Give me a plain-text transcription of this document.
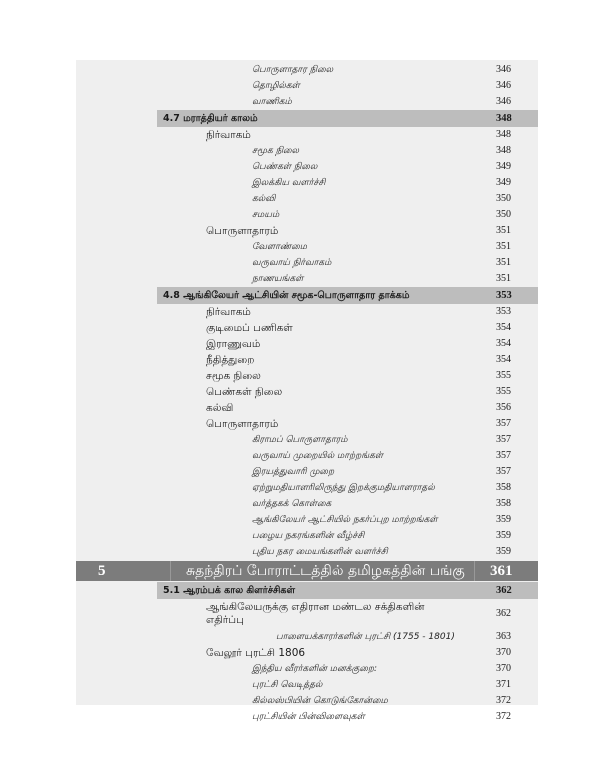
பொருளாதார நிலை	346
தொழில்கள்	346
வாணிகம்	346
4.7 மராத்தியர் காலம்	348
நிர்வாகம்	348
சமூக நிலை	348
பெண்கள் நிலை	349
இலக்கிய வளர்ச்சி	349
கல்வி	350
சமயம்	350
பொருளாதாரம்	351
வேளாண்மை	351
வருவாய் நிர்வாகம்	351
நாணயங்கள்	351
4.8 ஆங்கிலேயர் ஆட்சியின் சமூக-பொருளாதார தாக்கம்	353
நிர்வாகம்	353
குடிமைப் பணிகள்	354
இராணுவம்	354
நீதித்துறை	354
சமூக நிலை	355
பெண்கள் நிலை	355
கல்வி	356
பொருளாதாரம்	357
கிராமப் பொருளாதாரம்	357
வருவாய் முறையில் மாற்றங்கள்	357
இரயத்துவாரி முறை	357
ஏற்றுமதியாளரிலிருந்து இறக்குமதியாளராதல்	358
வர்த்தகக் கொள்கை	358
ஆங்கிலேயர் ஆட்சியில் நகர்ப்புற மாற்றங்கள்	359
பழைய நகரங்களின் வீழ்ச்சி	359
புதிய நகர மையங்களின் வளர்ச்சி	359
5	சுதந்திரப் போராட்டத்தில் தமிழகத்தின் பங்கு 361
5.1 ஆரம்பக் கால கிளர்ச்சிகள்	362
ஆங்கிலேயருக்கு எதிரான மண்டல சக்திகளின் எதிர்ப்பு
362
பாளையக்காரர்களின் புரட்சி (1755 - 1801)	363
வேலூர் புரட்சி 1806	370
இந்திய வீரர்களின் மனக்குறை:	370
புரட்சி வெடித்தல்	371
கில்லஸ்பியின் கொடுங்கோன்மை	372
புரட்சியின் பின்விளைவுகள்	372
